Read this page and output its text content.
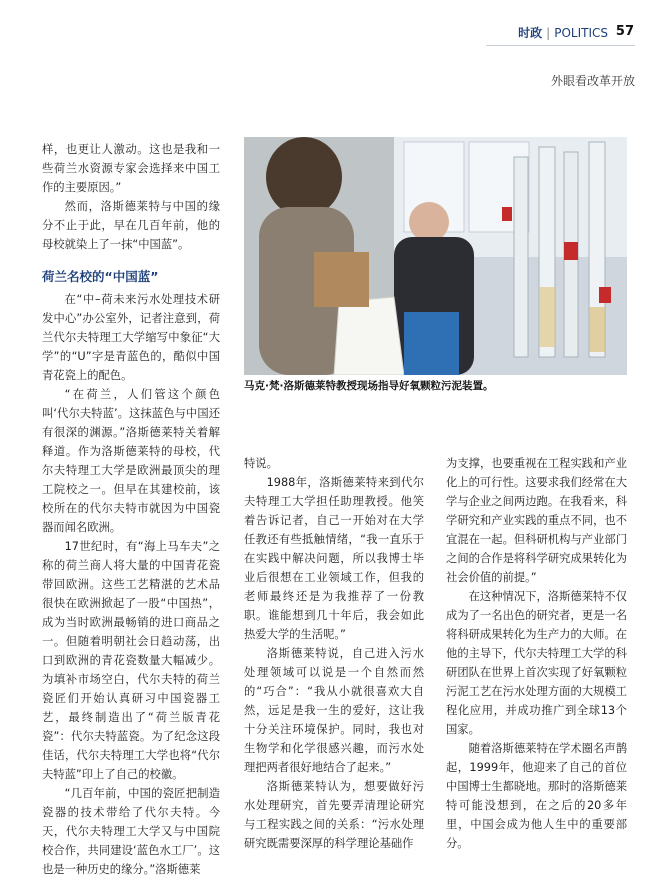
时政 | POLITICS 57
外眼看改革开放

样，也更让人激动。这也是我和一些荷兰水资源专家会选择来中国工作的主要原因。”

然而，洛斯德莱特与中国的缘分不止于此，早在几百年前，他的母校就染上了一抹“中国蓝”。

荷兰名校的“中国蓝”

在“中–荷未来污水处理技术研发中心”办公室外，记者注意到，荷兰代尔夫特理工大学缩写中象征“大学”的“U”字是青蓝色的，酷似中国青花瓷上的配色。

“在荷兰，人们管这个颜色叫‘代尔夫特蓝’。这抹蓝色与中国还有很深的渊源。”洛斯德莱特关着解释道。作为洛斯德莱特的母校，代尔夫特理工大学是欧洲最顶尖的理工院校之一。但早在其建校前，该校所在的代尔夫特市就因为中国瓷器而闻名欧洲。

17世纪时，有“海上马车夫”之称的荷兰商人将大量的中国青花瓷带回欧洲。这些工艺精湛的艺术品很快在欧洲掀起了一股“中国热”，成为当时欧洲最畅销的进口商品之一。但随着明朝社会日趋动荡，出口到欧洲的青花瓷数量大幅减少。为填补市场空白，代尔夫特的荷兰瓷匠们开始认真研习中国瓷器工艺，最终制造出了“荷兰版青花瓷”：代尔夫特蓝瓷。为了纪念这段佳话，代尔夫特理工大学也将“代尔夫特蓝”印上了自己的校徽。

“几百年前，中国的瓷匠把制造瓷器的技术带给了代尔夫特。今天，代尔夫特理工大学又与中国院校合作，共同建设‘蓝色水工厂’。这也是一种历史的缘分。”洛斯德莱

马克·梵·洛斯德莱特教授现场指导好氧颗粒污泥装置。

特说。

1988年，洛斯德莱特来到代尔夫特理工大学担任助理教授。他笑着告诉记者，自己一开始对在大学任教还有些抵触情绪，“我一直乐于在实践中解决问题，所以我博士毕业后很想在工业领域工作，但我的老师最终还是为我推荐了一份教职。谁能想到几十年后，我会如此热爱大学的生活呢。”

洛斯德莱特说，自己进入污水处理领域可以说是一个自然而然的“巧合”：“我从小就很喜欢大自然，远足是我一生的爱好，这让我十分关注环境保护。同时，我也对生物学和化学很感兴趣，而污水处理把两者很好地结合了起来。”

洛斯德莱特认为，想要做好污水处理研究，首先要弄清理论研究与工程实践之间的关系：“污水处理研究既需要深厚的科学理论基础作

为支撑，也要重视在工程实践和产业化上的可行性。这要求我们经常在大学与企业之间两边跑。在我看来，科学研究和产业实践的重点不同，也不宜混在一起。但科研机构与产业部门之间的合作是将科学研究成果转化为社会价值的前提。”

在这种情况下，洛斯德莱特不仅成为了一名出色的研究者，更是一名将科研成果转化为生产力的大师。在他的主导下，代尔夫特理工大学的科研团队在世界上首次实现了好氧颗粒污泥工艺在污水处理方面的大规模工程化应用，并成功推广到全球13个国家。

随着洛斯德莱特在学术圈名声鹊起，1999年，他迎来了自己的首位中国博士生都晓地。那时的洛斯德莱特可能没想到，在之后的20多年里，中国会成为他人生中的重要部分。
